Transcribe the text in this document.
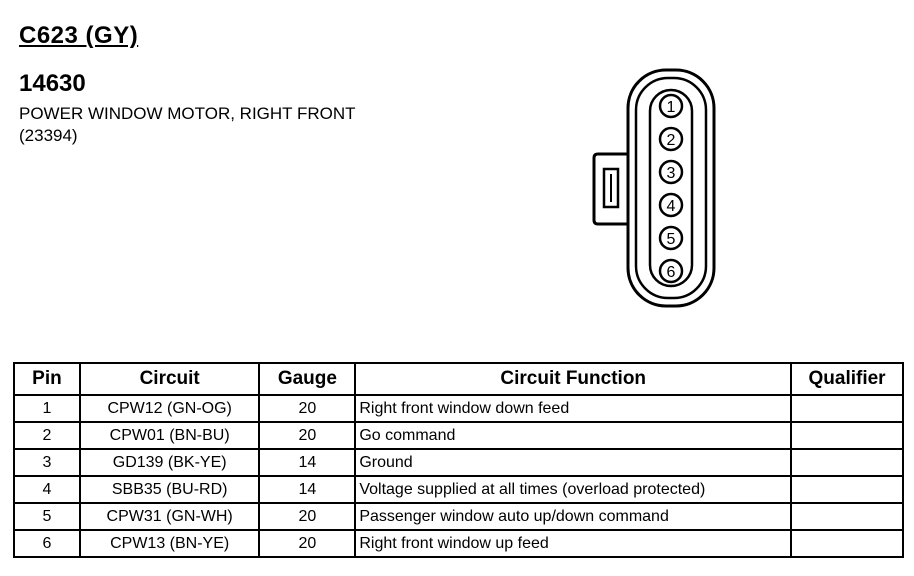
C623 (GY)
14630
POWER WINDOW MOTOR, RIGHT FRONT (23394)
1
2
3
4
5
6
Pin	Circuit	Gauge	Circuit Function	Qualifier
1	CPW12 (GN-OG)	20	Right front window down feed	
2	CPW01 (BN-BU)	20	Go command	
3	GD139 (BK-YE)	14	Ground	
4	SBB35 (BU-RD)	14	Voltage supplied at all times (overload protected)	
5	CPW31 (GN-WH)	20	Passenger window auto up/down command	
6	CPW13 (BN-YE)	20	Right front window up feed	
